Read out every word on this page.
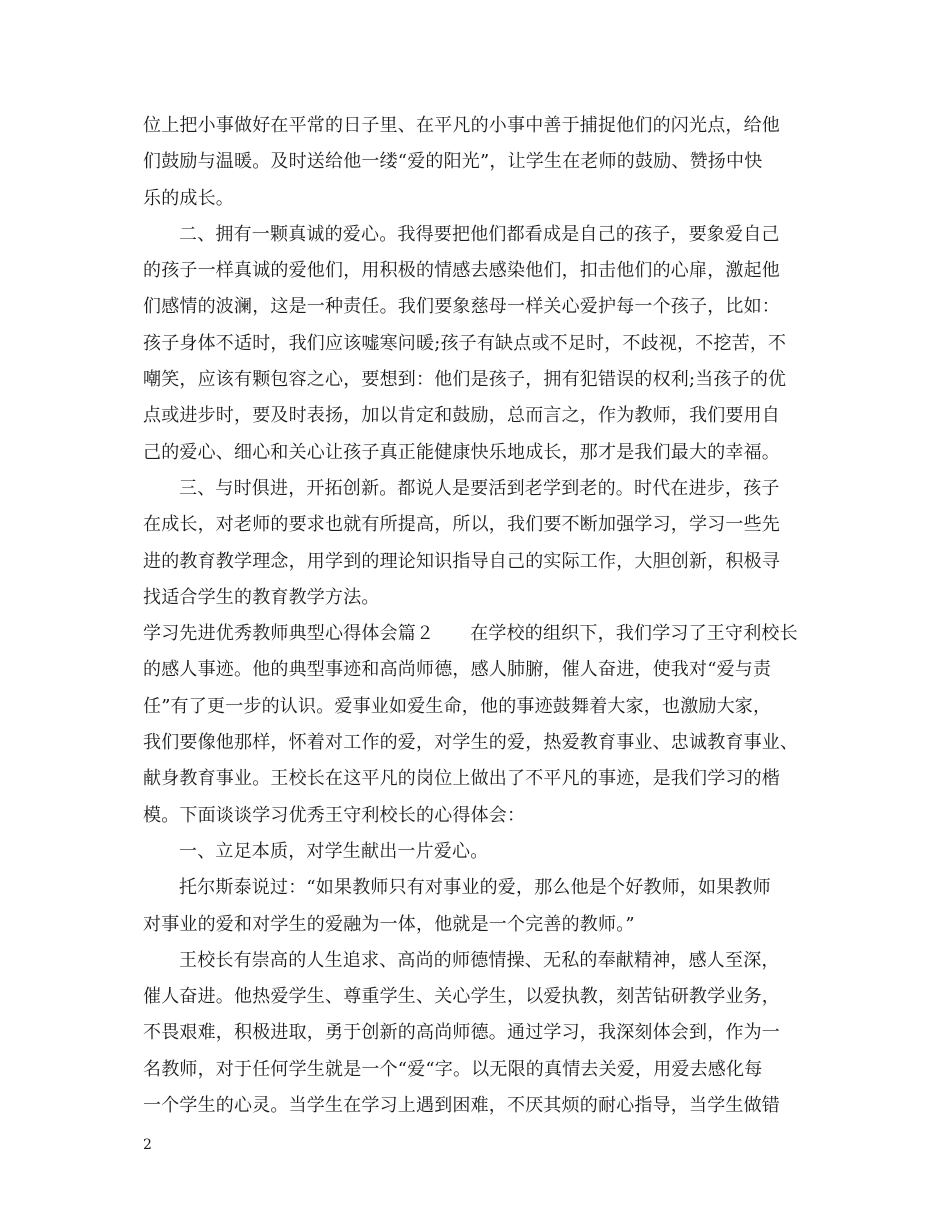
位上把小事做好在平常的日子里、在平凡的小事中善于捕捉他们的闪光点，给他
们鼓励与温暖。及时送给他一缕“爱的阳光”，让学生在老师的鼓励、赞扬中快
乐的成长。
二、拥有一颗真诚的爱心。我得要把他们都看成是自己的孩子，要象爱自己
的孩子一样真诚的爱他们，用积极的情感去感染他们，扣击他们的心扉，激起他
们感情的波澜，这是一种责任。我们要象慈母一样关心爱护每一个孩子，比如：
孩子身体不适时，我们应该嘘寒问暖;孩子有缺点或不足时，不歧视，不挖苦，不
嘲笑，应该有颗包容之心，要想到：他们是孩子，拥有犯错误的权利;当孩子的优
点或进步时，要及时表扬，加以肯定和鼓励，总而言之，作为教师，我们要用自
己的爱心、细心和关心让孩子真正能健康快乐地成长，那才是我们最大的幸福。
三、与时俱进，开拓创新。都说人是要活到老学到老的。时代在进步，孩子
在成长，对老师的要求也就有所提高，所以，我们要不断加强学习，学习一些先
进的教育教学理念，用学到的理论知识指导自己的实际工作，大胆创新，积极寻
找适合学生的教育教学方法。
学习先进优秀教师典型心得体会篇２ 在学校的组织下，我们学习了王守利校长
的感人事迹。他的典型事迹和高尚师德，感人肺腑，催人奋进，使我对“爱与责
任”有了更一步的认识。爱事业如爱生命，他的事迹鼓舞着大家，也激励大家，
我们要像他那样，怀着对工作的爱，对学生的爱，热爱教育事业、忠诚教育事业、
献身教育事业。王校长在这平凡的岗位上做出了不平凡的事迹，是我们学习的楷
模。下面谈谈学习优秀王守利校长的心得体会：
一、立足本质，对学生献出一片爱心。
托尔斯泰说过：“如果教师只有对事业的爱，那么他是个好教师，如果教师
对事业的爱和对学生的爱融为一体，他就是一个完善的教师。”
王校长有崇高的人生追求、高尚的师德情操、无私的奉献精神，感人至深，
催人奋进。他热爱学生、尊重学生、关心学生，以爱执教，刻苦钻研教学业务，
不畏艰难，积极进取，勇于创新的高尚师德。通过学习，我深刻体会到，作为一
名教师，对于任何学生就是一个“爱“字。以无限的真情去关爱，用爱去感化每
一个学生的心灵。当学生在学习上遇到困难，不厌其烦的耐心指导，当学生做错
2
